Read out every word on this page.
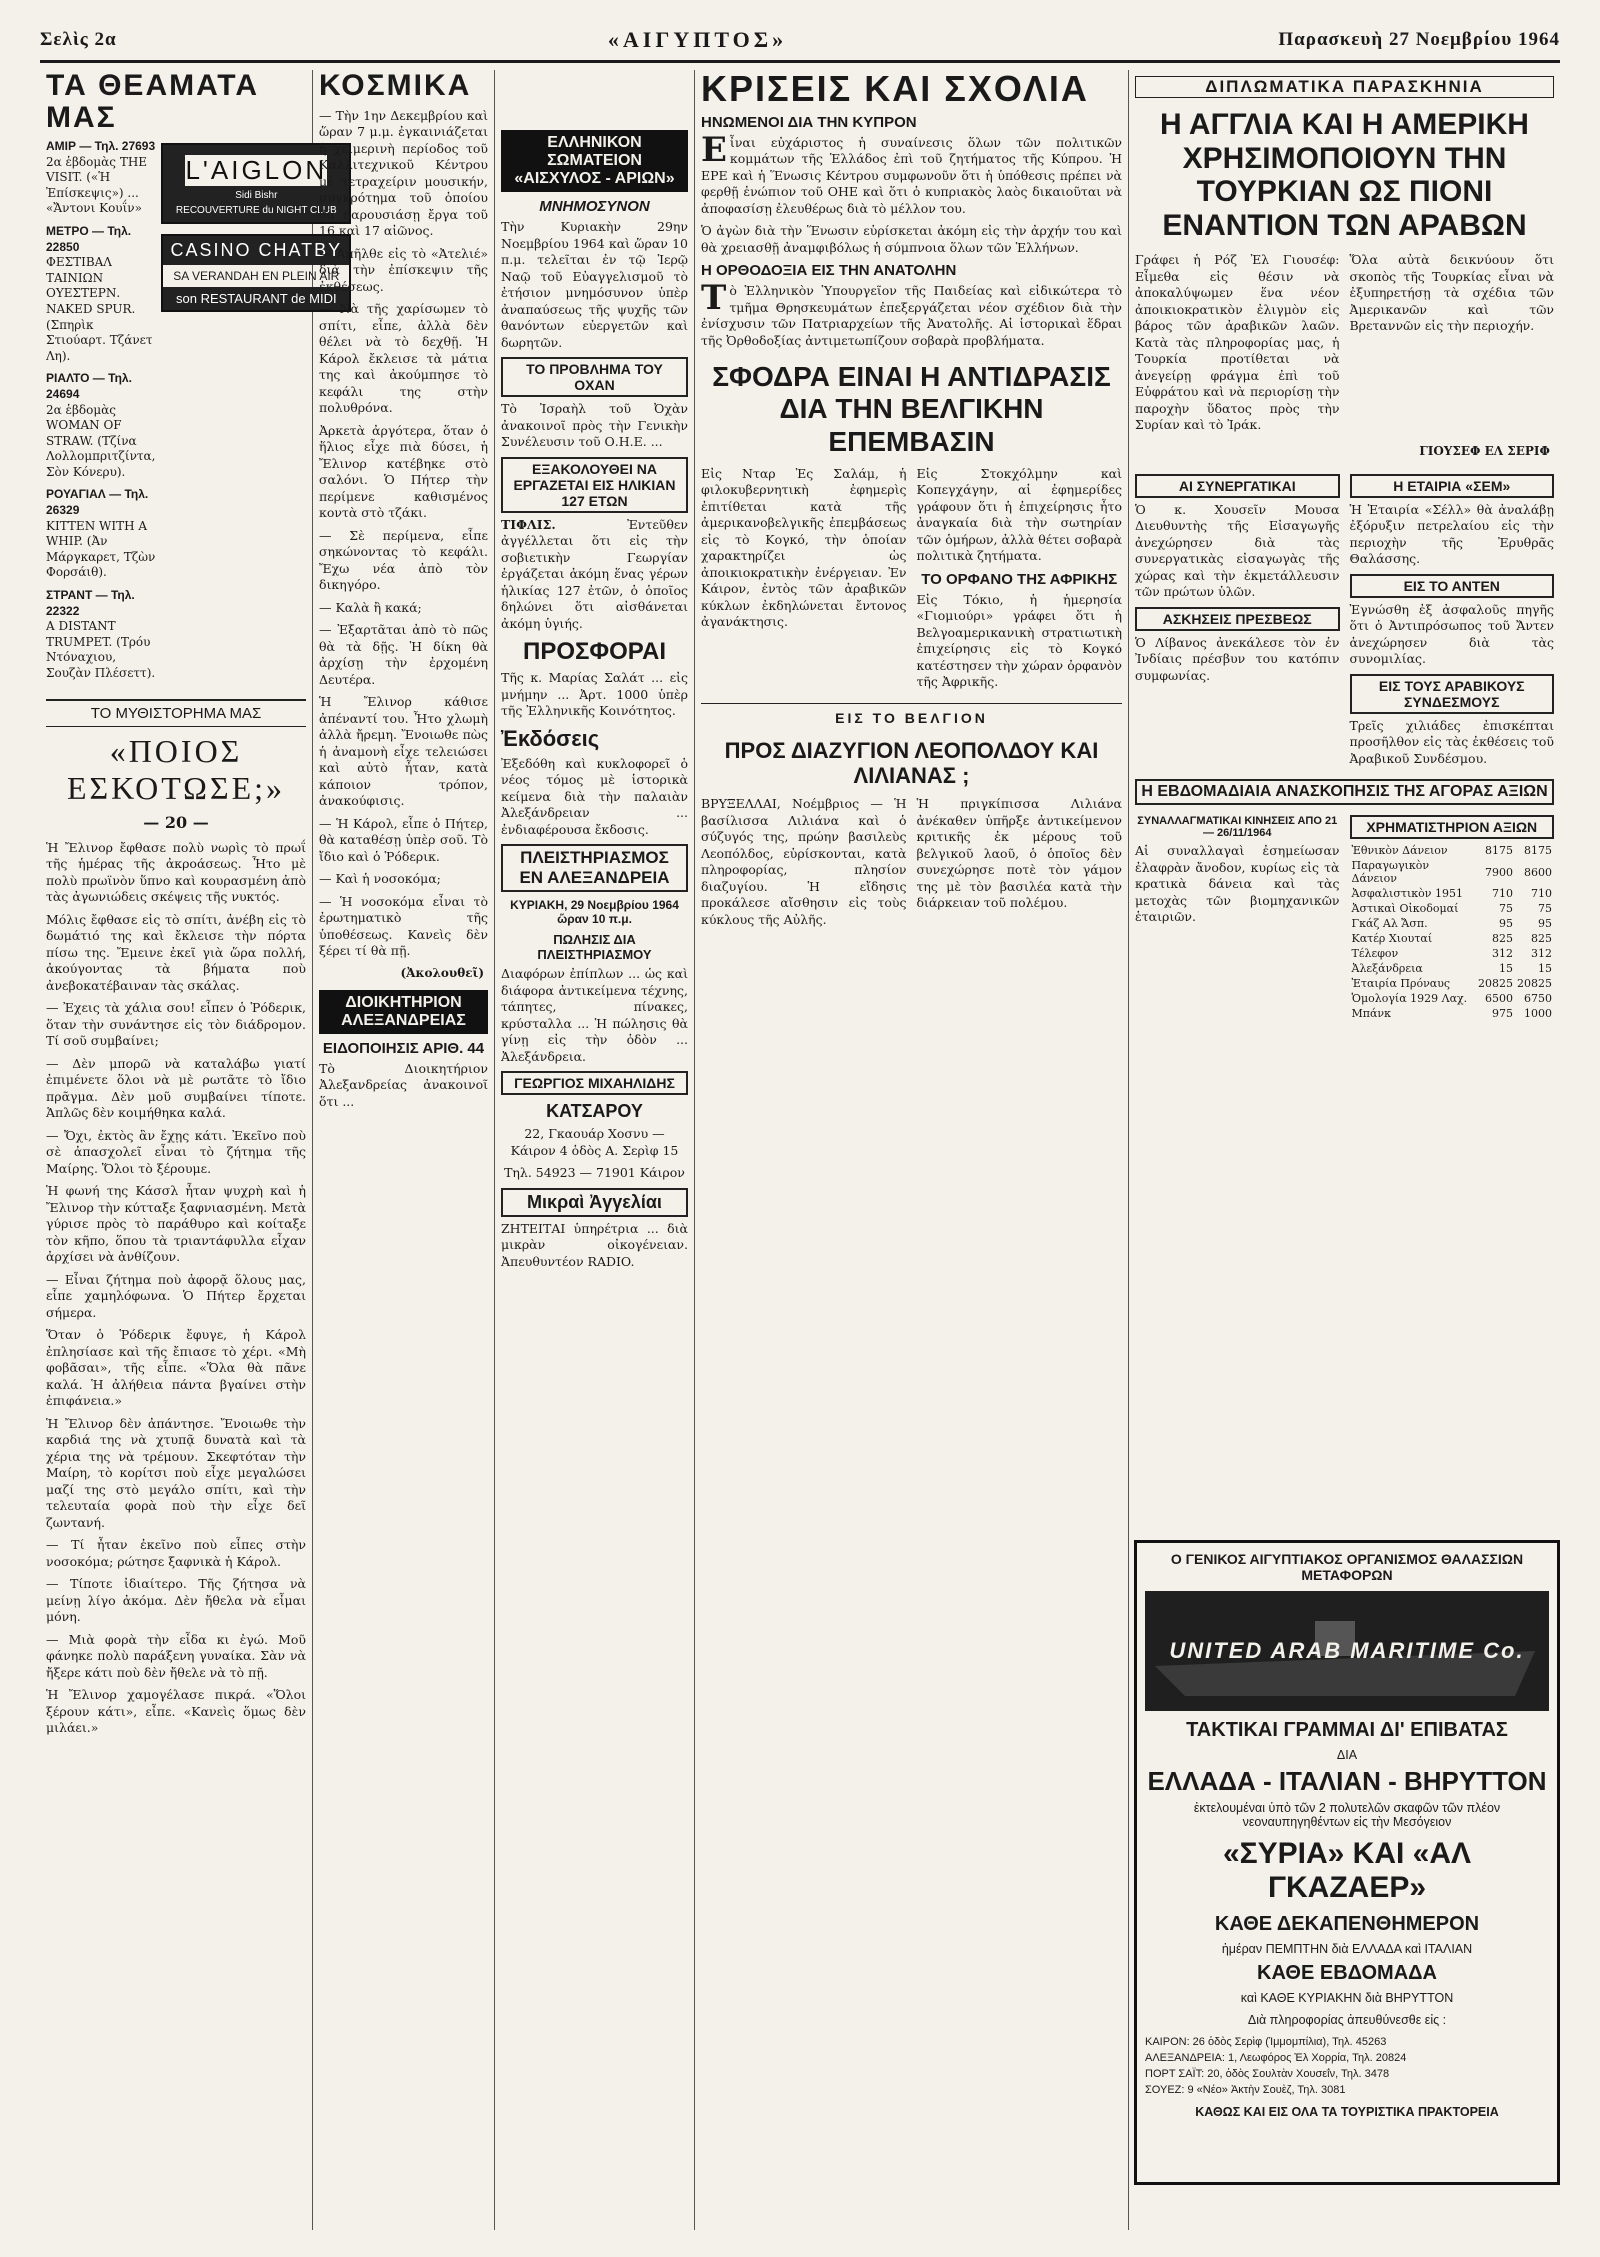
Σελὶς 2α	«ΑΙΓΥΠΤΟΣ»	Παρασκευὴ 27 Νοεμβρίου 1964
ΤΑ ΘΕΑΜΑΤΑ ΜΑΣ
ΑΜΙΡ — Τηλ. 27693
2α ἑβδομὰς THE VISIT. («Ἡ Ἐπίσκεψις») ... «Ἄντονι Κουΐν»
ΜΕΤΡΟ — Τηλ. 22850
ΦΕΣΤΙΒΑΛ ΤΑΙΝΙΩΝ ΟΥΕΣΤΕΡΝ. NAKED SPUR. (Σπηρὶκ Στιούαρτ. Τζάνετ Λη).
ΡΙΑΛΤΟ — Τηλ. 24694
2α ἑβδομὰς WOMAN OF STRAW. (Τζίνα Λολλομπριτζίντα, Σὸν Κόνερυ).
ΡΟΥΑΓΙΑΛ — Τηλ. 26329
KITTEN WITH A WHIP. (Ἀν Μάργκαρετ, Τζὼν Φορσάιθ).
ΣΤΡΑΝΤ — Τηλ. 22322
A DISTANT TRUMPET. (Τρόυ Ντόναχιου, Σουζὰν Πλέσεττ).
L'AIGLON
Sidi Bishr
RECOUVERTURE du NIGHT CLUB
CASINO CHATBY
SA VERANDAH EN PLEIN AIR
son RESTAURANT de MIDI
ΤΟ ΜΥΘΙΣΤΟΡΗΜΑ ΜΑΣ
«ΠΟΙΟΣ ΕΣΚΟΤΩΣΕ;»
— 20 —

Ἡ Ἔλινορ ἔφθασε πολὺ νωρὶς τὸ πρωΐ τῆς ἡμέρας τῆς ἀκροάσεως. Ἦτο μὲ πολὺ πρωϊνὸν ὕπνο καὶ κουρασμένη ἀπὸ τὰς ἀγωνιώδεις σκέψεις τῆς νυκτός.

Μόλις ἔφθασε εἰς τὸ σπίτι, ἀνέβη εἰς τὸ δωμάτιό της καὶ ἔκλεισε τὴν πόρτα πίσω της. Ἔμεινε ἐκεῖ γιὰ ὥρα πολλή, ἀκούγοντας τὰ βήματα ποὺ ἀνεβοκατέβαιναν τὰς σκάλας.

— Ἐχεις τὰ χάλια σου! εἶπεν ὁ Ῥόδερικ, ὅταν τὴν συνάντησε εἰς τὸν διάδρομον. Τί σοῦ συμβαίνει;

— Δὲν μπορῶ νὰ καταλάβω γιατί ἐπιμένετε ὅλοι νὰ μὲ ρωτᾶτε τὸ ἴδιο πρᾶγμα. Δὲν μοῦ συμβαίνει τίποτε. Ἁπλῶς δὲν κοιμήθηκα καλά.

— Ὄχι, ἐκτὸς ἂν ἔχῃς κάτι. Ἐκεῖνο ποὺ σὲ ἀπασχολεῖ εἶναι τὸ ζήτημα τῆς Μαίρης. Ὅλοι τὸ ξέρουμε.

Ἡ φωνή της Κάσσλ ἦταν ψυχρὴ καὶ ἡ Ἔλινορ τὴν κύτταξε ξαφνιασμένη. Μετὰ γύρισε πρὸς τὸ παράθυρο καὶ κοίταξε τὸν κῆπο, ὅπου τὰ τριαντάφυλλα εἶχαν ἀρχίσει νὰ ἀνθίζουν.

— Εἶναι ζήτημα ποὺ ἀφορᾷ ὅλους μας, εἶπε χαμηλόφωνα. Ὁ Πήτερ ἔρχεται σήμερα.

Ὅταν ὁ Ῥόδερικ ἔφυγε, ἡ Κάρολ ἐπλησίασε καὶ τῆς ἔπιασε τὸ χέρι. «Μὴ φοβᾶσαι», τῆς εἶπε. «Ὅλα θὰ πᾶνε καλά. Ἡ ἀλήθεια πάντα βγαίνει στὴν ἐπιφάνεια.»

Ἡ Ἔλινορ δὲν ἀπάντησε. Ἔνοιωθε τὴν καρδιά της νὰ χτυπᾷ δυνατὰ καὶ τὰ χέρια της νὰ τρέμουν. Σκεφτόταν τὴν Μαίρη, τὸ κορίτσι ποὺ εἶχε μεγαλώσει μαζί της στὸ μεγάλο σπίτι, καὶ τὴν τελευταία φορὰ ποὺ τὴν εἶχε δεῖ ζωντανή.

— Τί ἦταν ἐκεῖνο ποὺ εἶπες στὴν νοσοκόμα; ρώτησε ξαφνικὰ ἡ Κάρολ.

— Τίποτε ἰδιαίτερο. Τῆς ζήτησα νὰ μείνῃ λίγο ἀκόμα. Δὲν ἤθελα νὰ εἶμαι μόνη.

— Μιὰ φορὰ τὴν εἶδα κι ἐγώ. Μοῦ φάνηκε πολὺ παράξενη γυναίκα. Σὰν νὰ ἤξερε κάτι ποὺ δὲν ἤθελε νὰ τὸ πῇ.

Ἡ Ἔλινορ χαμογέλασε πικρά. «Ὅλοι ξέρουν κάτι», εἶπε. «Κανεὶς ὅμως δὲν μιλάει.»

ΚΟΣΜΙΚΑ

— Τὴν 1ην Δεκεμβρίου καὶ ὥραν 7 μ.μ. ἐγκαινιάζεται ἡ χειμερινὴ περίοδος τοῦ Καλλιτεχνικοῦ Κέντρου μὲ τετραχείριν μουσικήν, συγκρότημα τοῦ ὁποίου θὰ παρουσιάσῃ ἔργα τοῦ 16 καὶ 17 αἰῶνος.

— Ἀπῆλθε εἰς τὸ «Ἀτελιέ» διὰ τὴν ἐπίσκεψιν τῆς ἐκθέσεως.

— Νὰ τῆς χαρίσωμεν τὸ σπίτι, εἶπε, ἀλλὰ δὲν θέλει νὰ τὸ δεχθῇ. Ἡ Κάρολ ἔκλεισε τὰ μάτια της καὶ ἀκούμπησε τὸ κεφάλι της στὴν πολυθρόνα.

Ἀρκετὰ ἀργότερα, ὅταν ὁ ἥλιος εἶχε πιὰ δύσει, ἡ Ἔλινορ κατέβηκε στὸ σαλόνι. Ὁ Πήτερ τὴν περίμενε καθισμένος κοντὰ στὸ τζάκι.

— Σὲ περίμενα, εἶπε σηκώνοντας τὸ κεφάλι. Ἔχω νέα ἀπὸ τὸν δικηγόρο.

— Καλὰ ἢ κακά;

— Ἐξαρτᾶται ἀπὸ τὸ πῶς θὰ τὰ δῇς. Ἡ δίκη θὰ ἀρχίσῃ τὴν ἐρχομένη Δευτέρα.

Ἡ Ἔλινορ κάθισε ἀπέναντί του. Ἦτο χλωμὴ ἀλλὰ ἤρεμη. Ἔνοιωθε πὼς ἡ ἀναμονὴ εἶχε τελειώσει καὶ αὐτὸ ἦταν, κατὰ κάποιον τρόπον, ἀνακούφισις.

— Ἡ Κάρολ, εἶπε ὁ Πήτερ, θὰ καταθέσῃ ὑπὲρ σοῦ. Τὸ ἴδιο καὶ ὁ Ῥόδερικ.

— Καὶ ἡ νοσοκόμα;

— Ἡ νοσοκόμα εἶναι τὸ ἐρωτηματικὸ τῆς ὑποθέσεως. Κανεὶς δὲν ξέρει τί θὰ πῇ.

(Ἀκολουθεῖ)
ΔΙΟΙΚΗΤΗΡΙΟΝ ΑΛΕΞΑΝΔΡΕΙΑΣ
ΕΙΔΟΠΟΙΗΣΙΣ ΑΡΙΘ. 44

Τὸ Διοικητήριον Ἀλεξανδρείας ἀνακοινοῖ ὅτι ...

ΕΛΛΗΝΙΚΟΝ ΣΩΜΑΤΕΙΟΝ «ΑΙΣΧΥΛΟΣ - ΑΡΙΩΝ»
ΜΝΗΜΟΣΥΝΟΝ

Τὴν Κυριακὴν 29ην Νοεμβρίου 1964 καὶ ὥραν 10 π.μ. τελεῖται ἐν τῷ Ἱερῷ Ναῷ τοῦ Εὐαγγελισμοῦ τὸ ἐτήσιον μνημόσυνον ὑπὲρ ἀναπαύσεως τῆς ψυχῆς τῶν θανόντων εὐεργετῶν καὶ δωρητῶν.

ΤΟ ΠΡΟΒΛΗΜΑ ΤΟΥ ΟΧΑΝ

Τὸ Ἰσραὴλ τοῦ Ὀχὰν ἀνακοινοῖ πρὸς τὴν Γενικὴν Συνέλευσιν τοῦ Ο.Η.Ε. ...

ΕΞΑΚΟΛΟΥΘΕΙ ΝΑ ΕΡΓΑΖΕΤΑΙ ΕΙΣ ΗΛΙΚΙΑΝ 127 ΕΤΩΝ

ΤΙΦΛΙΣ.	Ἐντεῦθεν ἀγγέλλεται ὅτι εἰς τὴν σοβιετικὴν Γεωργίαν ἐργάζεται ἀκόμη ἕνας γέρων ἡλικίας 127 ἐτῶν, ὁ ὁποῖος δηλώνει ὅτι αἰσθάνεται ἀκόμη ὑγιής.

ΠΡΟΣΦΟΡΑΙ

Τῆς κ. Μαρίας Σαλάτ ... εἰς μνήμην ... Ἀρτ. 1000 ὑπὲρ τῆς Ἐλληνικῆς Κοινότητος.

Ἐκδόσεις

Ἐξεδόθη καὶ κυκλοφορεῖ ὁ νέος τόμος μὲ ἱστορικὰ κείμενα διὰ τὴν παλαιὰν Ἀλεξάνδρειαν ... ἐνδιαφέρουσα ἔκδοσις.

ΠΛΕΙΣΤΗΡΙΑΣΜΟΣ ΕΝ ΑΛΕΞΑΝΔΡΕΙΑ
ΚΥΡΙΑΚΗ, 29 Νοεμβρίου 1964 ὥραν 10 π.μ.
ΠΩΛΗΣΙΣ ΔΙΑ ΠΛΕΙΣΤΗΡΙΑΣΜΟΥ

Διαφόρων ἐπίπλων ... ὡς καὶ διάφορα ἀντικείμενα τέχνης, τάπητες, πίνακες, κρύσταλλα ... Ἡ πώλησις θὰ γίνῃ εἰς τὴν ὁδὸν ... Ἀλεξάνδρεια.

ΓΕΩΡΓΙΟΣ ΜΙΧΑΗΛΙΔΗΣ
ΚΑΤΣΑΡΟΥ

22, Γκαουάρ Χοσνυ — Κάιρον 4 ὁδὸς Α. Σερὶφ 15

Τηλ. 54923 — 71901 Κάιρον

Μικραὶ Ἀγγελίαι

ΖΗΤΕΙΤΑΙ ὑπηρέτρια ... διὰ μικρὰν οἰκογένειαν. Ἀπευθυντέον RADIO.

ΚΡΙΣΕΙΣ ΚΑΙ ΣΧΟΛΙΑ
ΗΝΩΜΕΝΟΙ ΔΙΑ ΤΗΝ ΚΥΠΡΟΝ

Εἶναι εὐχάριστος ἡ συναίνεσις ὅλων τῶν πολιτικῶν κομμάτων τῆς Ἑλλάδος ἐπὶ τοῦ ζητήματος τῆς Κύπρου. Ἡ ΕΡΕ καὶ ἡ Ἕνωσις Κέντρου συμφωνοῦν ὅτι ἡ ὑπόθεσις πρέπει νὰ φερθῇ ἐνώπιον τοῦ ΟΗΕ καὶ ὅτι ὁ κυπριακὸς λαὸς δικαιοῦται νὰ ἀποφασίσῃ ἐλευθέρως διὰ τὸ μέλλον του.

Ὁ ἀγὼν διὰ τὴν Ἕνωσιν εὑρίσκεται ἀκόμη εἰς τὴν ἀρχήν του καὶ θὰ χρειασθῇ ἀναμφιβόλως ἡ σύμπνοια ὅλων τῶν Ἑλλήνων.

Η ΟΡΘΟΔΟΞΙΑ ΕΙΣ ΤΗΝ ΑΝΑΤΟΛΗΝ

Τὸ Ἑλληνικὸν Ὑπουργεῖον τῆς Παιδείας καὶ εἰδικώτερα τὸ τμῆμα Θρησκευμάτων ἐπεξεργάζεται νέον σχέδιον διὰ τὴν ἐνίσχυσιν τῶν Πατριαρχείων τῆς Ἀνατολῆς. Αἱ ἱστορικαὶ ἕδραι τῆς Ὀρθοδοξίας ἀντιμετωπίζουν σοβαρὰ προβλήματα.

ΣΦΟΔΡΑ ΕΙΝΑΙ Η ΑΝΤΙΔΡΑΣΙΣ ΔΙΑ ΤΗΝ ΒΕΛΓΙΚΗΝ ΕΠΕΜΒΑΣΙΝ

Εἰς Νταρ Ἐς Σαλάμ, ἡ φιλοκυβερνητικὴ ἐφημερὶς ἐπιτίθεται κατὰ τῆς ἀμερικανοβελγικῆς ἐπεμβάσεως εἰς τὸ Κογκό, τὴν ὁποίαν χαρακτηρίζει ὡς ἀποικιοκρατικὴν ἐνέργειαν. Ἐν Κάιρον, ἐντὸς τῶν ἀραβικῶν κύκλων ἐκδηλώνεται ἔντονος ἀγανάκτησις.

Εἰς Στοκχόλμην καὶ Κοπεγχάγην, αἱ ἐφημερίδες γράφουν ὅτι ἡ ἐπιχείρησις ἦτο ἀναγκαία διὰ τὴν σωτηρίαν τῶν ὁμήρων, ἀλλὰ θέτει σοβαρὰ πολιτικὰ ζητήματα.

ΤΟ ΟΡΦΑΝΟ ΤΗΣ ΑΦΡΙΚΗΣ

Εἰς Τόκιο, ἡ ἡμερησία «Γιομιούρι» γράφει ὅτι ἡ Βελγοαμερικανικὴ στρατιωτικὴ ἐπιχείρησις εἰς τὸ Κογκό κατέστησεν τὴν χώραν ὀρφανὸν τῆς Ἀφρικῆς.

ΕΙΣ ΤΟ ΒΕΛΓΙΟΝ
ΠΡΟΣ ΔΙΑΖΥΓΙΟΝ ΛΕΟΠΟΛΔΟΥ ΚΑΙ ΛΙΛΙΑΝΑΣ ;

ΒΡΥΞΕΛΛΑΙ, Νοέμβριος — Ἡ βασίλισσα Λιλιάνα καὶ ὁ σύζυγός της, πρώην βασιλεὺς Λεοπόλδος, εὑρίσκονται, κατὰ πληροφορίας, πλησίον διαζυγίου. Ἡ εἴδησις προκάλεσε αἴσθησιν εἰς τοὺς κύκλους τῆς Αὐλῆς.

Ἡ πριγκίπισσα Λιλιάνα ἀνέκαθεν ὑπῆρξε ἀντικείμενον κριτικῆς ἐκ μέρους τοῦ βελγικοῦ λαοῦ, ὁ ὁποῖος δὲν συνεχώρησε ποτὲ τὸν γάμον της μὲ τὸν βασιλέα κατὰ τὴν διάρκειαν τοῦ πολέμου.

ΔΙΠΛΩΜΑΤΙΚΑ ΠΑΡΑΣΚΗΝΙΑ
Η ΑΓΓΛΙΑ ΚΑΙ Η ΑΜΕΡΙΚΗ ΧΡΗΣΙΜΟΠΟΙΟΥΝ ΤΗΝ ΤΟΥΡΚΙΑΝ ΩΣ ΠΙΟΝΙ ΕΝΑΝΤΙΟΝ ΤΩΝ ΑΡΑΒΩΝ

Γράφει ἡ Ρόζ Ἐλ Γιουσέφ: Εἶμεθα εἰς θέσιν νὰ ἀποκαλύψωμεν ἕνα νέον ἀποικιοκρατικὸν ἐλιγμὸν εἰς βάρος τῶν ἀραβικῶν λαῶν. Κατὰ τὰς πληροφορίας μας, ἡ Τουρκία προτίθεται νὰ ἀνεγείρῃ φράγμα ἐπὶ τοῦ Εὐφράτου καὶ νὰ περιορίσῃ τὴν παροχὴν ὕδατος πρὸς τὴν Συρίαν καὶ τὸ Ἰράκ.

Ὅλα αὐτὰ δεικνύουν ὅτι σκοπὸς τῆς Τουρκίας εἶναι νὰ ἐξυπηρετήσῃ τὰ σχέδια τῶν Ἀμερικανῶν καὶ τῶν Βρεταννῶν εἰς τὴν περιοχήν.

ΓΙΟΥΣΕΦ ΕΛ ΣΕΡΙΦ
ΑΙ ΣΥΝΕΡΓΑΤΙΚΑΙ

Ὁ κ. Χουσεῖν Μουσα Διευθυντὴς τῆς Εἰσαγωγῆς ἀνεχώρησεν διὰ τὰς συνεργατικὰς εἰσαγωγὰς τῆς χώρας καὶ τὴν ἐκμετάλλευσιν τῶν πρώτων ὑλῶν.

ΑΣΚΗΣΕΙΣ ΠΡΕΣΒΕΩΣ

Ὁ Λίβανος ἀνεκάλεσε τὸν ἐν Ἰνδίαις πρέσβυν του κατόπιν συμφωνίας.

Η ΕΤΑΙΡΙΑ «ΣΕΜ»

Ἡ Ἑταιρία «Σέλλ» θὰ ἀναλάβῃ ἐξόρυξιν πετρελαίου εἰς τὴν περιοχὴν τῆς Ἐρυθρᾶς Θαλάσσης.

ΕΙΣ ΤΟ ΑΝΤΕΝ

Ἐγνώσθη ἐξ ἀσφαλοῦς πηγῆς ὅτι ὁ Ἀντιπρόσωπος τοῦ Ἄντεν ἀνεχώρησεν διὰ τὰς συνομιλίας.

ΕΙΣ ΤΟΥΣ ΑΡΑΒΙΚΟΥΣ ΣΥΝΔΕΣΜΟΥΣ

Τρεῖς χιλιάδες ἐπισκέπται προσῆλθον εἰς τὰς ἐκθέσεις τοῦ Ἀραβικοῦ Συνδέσμου.

Η ΕΒΔΟΜΑΔΙΑΙΑ ΑΝΑΣΚΟΠΗΣΙΣ ΤΗΣ ΑΓΟΡΑΣ ΑΞΙΩΝ
ΣΥΝΑΛΛΑΓΜΑΤΙΚΑΙ ΚΙΝΗΣΕΙΣ ΑΠΟ 21 — 26/11/1964

Αἱ συναλλαγαὶ ἐσημείωσαν ἐλαφρὰν ἄνοδον, κυρίως εἰς τὰ κρατικὰ δάνεια καὶ τὰς μετοχὰς τῶν βιομηχανικῶν ἑταιριῶν.

ΧΡΗΜΑΤΙΣΤΗΡΙΟΝ ΑΞΙΩΝ
Ἐθνικὸν Δάνειον	8175	8175
Παραγωγικὸν Δάνειον	7900	8600
Ἀσφαλιστικὸν 1951	710	710
Ἀστικαὶ Οἰκοδομαί	75	75
Γκάζ Αλ Ἄσπ.	95	95
Κατέρ Χιουταί	825	825
Τέλεφον	312	312
Ἀλεξάνδρεια	15	15
Ἐταιρία Πρόναυς	20825	20825
Ὁμολογία 1929 Λαχ.	6500	6750
Μπάνκ	975	1000
Ο ΓΕΝΙΚΟΣ ΑΙΓΥΠΤΙΑΚΟΣ ΟΡΓΑΝΙΣΜΟΣ ΘΑΛΑΣΣΙΩΝ ΜΕΤΑΦΟΡΩΝ
UNITED ARAB MARITIME Co.
ΤΑΚΤΙΚΑΙ ΓΡΑΜΜΑΙ ΔΙ' ΕΠΙΒΑΤΑΣ
ΔΙΑ
ΕΛΛΑΔΑ - ΙΤΑΛΙΑΝ - ΒΗΡΥΤΤΟΝ
ἐκτελουμέναι ὑπὸ τῶν 2 πολυτελῶν σκαφῶν τῶν πλέον νεοναυπηγηθέντων εἰς τὴν Μεσόγειον
«ΣΥΡΙΑ» ΚΑΙ «ΑΛ ΓΚΑΖΑΕΡ»
ΚΑΘΕ ΔΕΚΑΠΕΝΘΗΜΕΡΟΝ
ἡμέραν ΠΕΜΠΤΗΝ διὰ ΕΛΛΑΔΑ καὶ ΙΤΑΛΙΑΝ
ΚΑΘΕ ΕΒΔΟΜΑΔΑ
καὶ ΚΑΘΕ ΚΥΡΙΑΚΗΝ διὰ ΒΗΡΥΤΤΟΝ
Διὰ πληροφορίας ἀπευθύνεσθε εἰς :
ΚΑΙΡΟΝ: 26 ὁδὸς Σερὶφ (Ἰμμομπίλια), Τηλ. 45263
ΑΛΕΞΑΝΔΡΕΙΑ: 1, Λεωφόρος Ἐλ Χορρία, Τηλ. 20824
ΠΟΡΤ ΣΑΪΤ: 20, ὁδὸς Σουλτὰν Χουσεΐν, Τηλ. 3478
ΣΟΥΕΖ: 9 «Νέο» Ἀκτὴν Σουὲζ, Τηλ. 3081
ΚΑΘΩΣ ΚΑΙ ΕΙΣ ΟΛΑ ΤΑ ΤΟΥΡΙΣΤΙΚΑ ΠΡΑΚΤΟΡΕΙΑ
